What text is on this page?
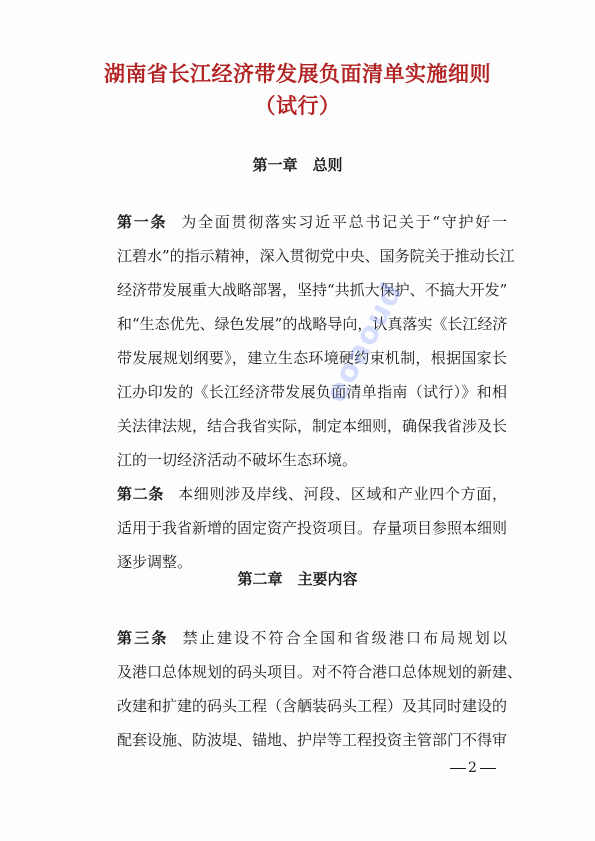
湖南省长江经济带发展负面清单实施细则
（试行）
第一章　总则
第一条 为全面贯彻落实习近平总书记关于“守护好一
江碧水”的指示精神，深入贯彻党中央、国务院关于推动长江
经济带发展重大战略部署，坚持“共抓大保护、不搞大开发”
和“生态优先、绿色发展”的战略导向，认真落实《长江经济
带发展规划纲要》，建立生态环境硬约束机制，根据国家长
江办印发的《长江经济带发展负面清单指南（试行）》和相
关法律法规，结合我省实际，制定本细则，确保我省涉及长
江的一切经济活动不破坏生态环境。
第二条 本细则涉及岸线、河段、区域和产业四个方面，
适用于我省新增的固定资产投资项目。存量项目参照本细则
逐步调整。
第二章　主要内容
第三条 禁止建设不符合全国和省级港口布局规划以
及港口总体规划的码头项目。对不符合港口总体规划的新建、
改建和扩建的码头工程（含舾装码头工程）及其同时建设的
配套设施、防波堤、锚地、护岸等工程投资主管部门不得审
2
eoaoud
